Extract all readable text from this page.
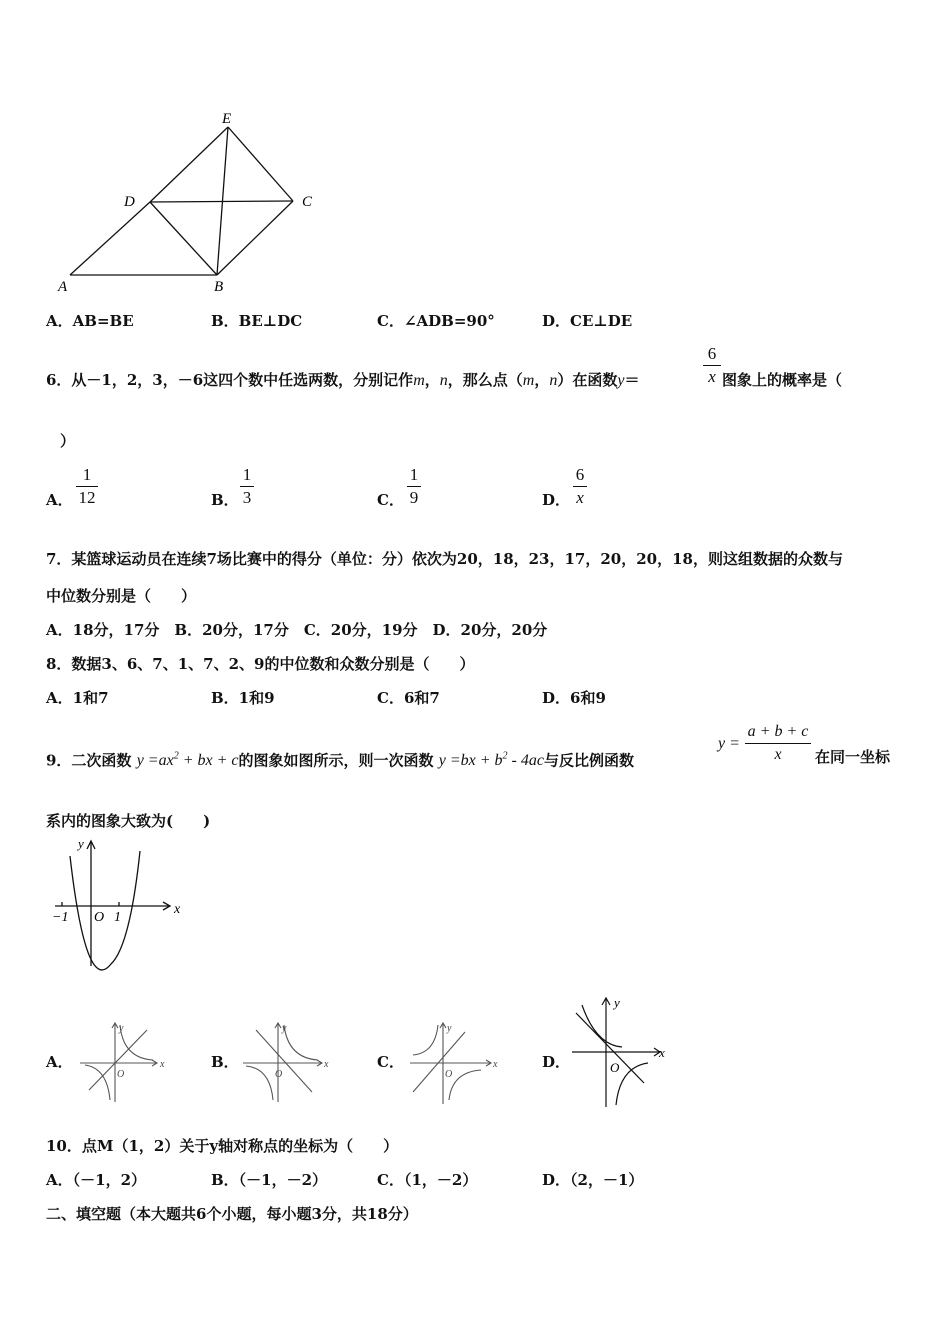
E
D	C
A	B
A．AB=BE	B．BE⊥DC	C．∠ADB=90°	D．CE⊥DE
6．从－1，2，3，－6这四个数中任选两数，分别记作m，n，那么点（m，n）在函数y＝
6
x 图象上的概率是（
）
A．
1
12	B．
1
3	C．
1
9	D．
6
x
7．某篮球运动员在连续7场比赛中的得分（单位：分）依次为20，18，23，17，20，20，18，则这组数据的众数与
中位数分别是（　　）
A．18分，17分　B．20分，17分　C．20分，19分　D．20分，20分
8．数据3、6、7、1、7、2、9的中位数和众数分别是（　　）
A．1和7	B．1和9	C．6和7	D．6和9
9．二次函数 $y =ax^2$ + bx + c的图象如图所示，则一次函数 $y =bx + b^2 - 4ac$与反比例函数
y =
a + b + c
x	在同一坐标
系内的图象大致为(　　)
y
x
O
−1	1
A．
y
x
O
B．
y
x
O
C．
y
x
O
D．
y
x
O
10．点M（1，2）关于y轴对称点的坐标为（　　）
A．（－1，2）	B．（－1，－2）	C．（1，－2）	D．（2，－1）
二、填空题（本大题共6个小题，每小题3分，共18分）
